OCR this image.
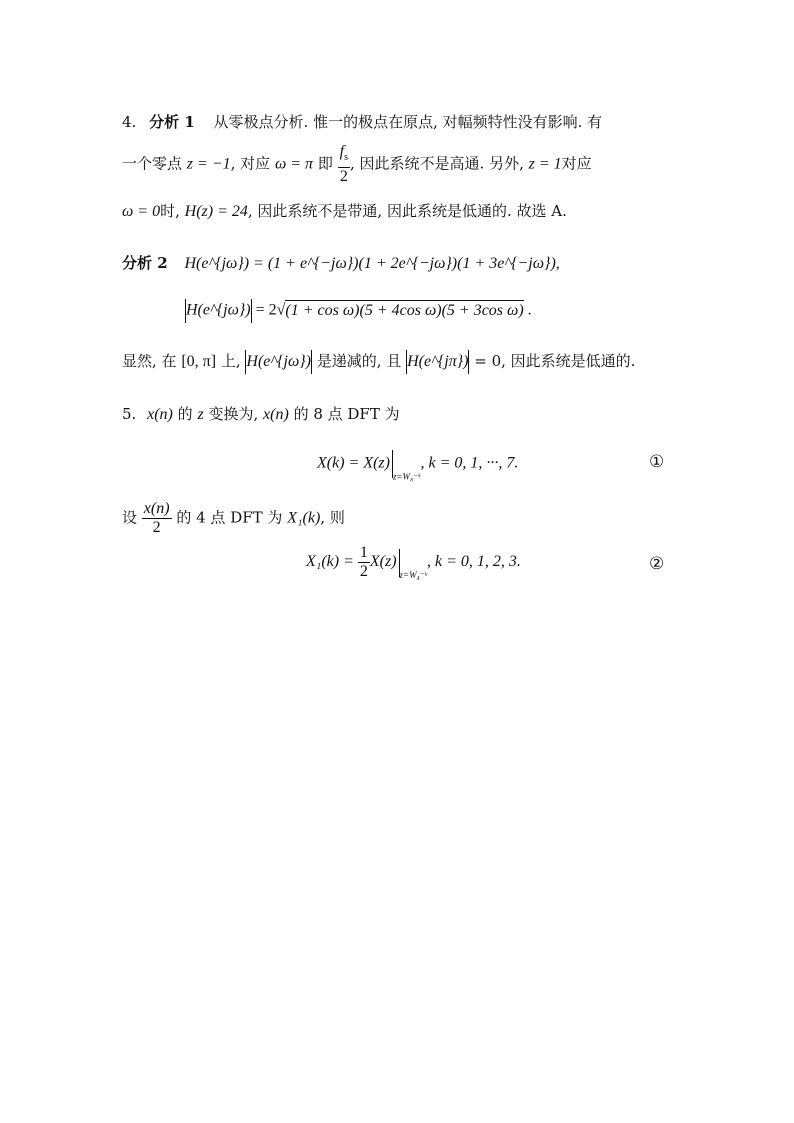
4. 分析 1 从零极点分析. 惟一的极点在原点, 对幅频特性没有影响. 有
一个零点 z = −1, 对应 ω = π 即 $\frac{f_s}{2}$ , 因此系统不是高通. 另外, z = 1对应
ω = 0时, H(z) = 24, 因此系统不是带通, 因此系统是低通的. 故选 A.
分析 2 H(e^{jω}) = (1 + e^{−jω})(1 + 2e^{−jω})(1 + 3e^{−jω}),
H(e^{jω}) = 2√(1 + cos ω)(5 + 4cos ω)(5 + 3cos ω) .
显然, 在 [0, π] 上, H(e^{jω}) 是递减的, 且 H(e^{jπ}) = 0, 因此系统是低通的.
5. x(n) 的 z 变换为, x(n) 的 8 点 DFT 为
$X(k) = X(z)_{z=W_8^-ᵏ}$, k = 0, 1, ···, 7.	①
设 $\frac{x(n)}{2}$ 的 4 点 DFT 为 X₁(k), 则
$X_1(k) = \frac{1}{2} X(z)_{z=W_4^-ᵏ}$, k = 0, 1, 2, 3.	②
